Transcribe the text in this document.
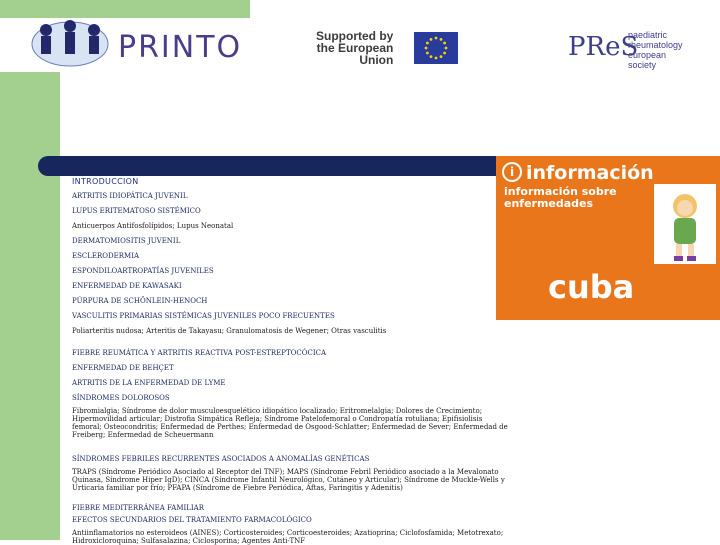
PRINTO	Supported by
the European
Union	PReS
paediatric
rheumatology
european
society
i información
información sobre enfermedades
cuba
INTRODUCCION
ARTRITIS IDIOPÁTICA JUVENIL
LUPUS ERITEMATOSO SISTÉMICO
Anticuerpos Antifosfolípidos; Lupus Neonatal
DERMATOMIOSITIS JUVENIL
ESCLERODERMIA
ESPONDILOARTROPATÍAS JUVENILES
ENFERMEDAD DE KAWASAKI
PÚRPURA DE SCHÖNLEIN-HENOCH
VASCULITIS PRIMARIAS SISTÉMICAS JUVENILES POCO FRECUENTES
Poliarteritis nudosa; Arteritis de Takayasu; Granulomatosis de Wegener; Otras vasculitis
FIEBRE REUMÁTICA Y ARTRITIS REACTIVA POST-ESTREPTOCÓCICA
ENFERMEDAD DE BEHÇET
ARTRITIS DE LA ENFERMEDAD DE LYME
SÍNDROMES DOLOROSOS
Fibromialgia; Síndrome de dolor musculoesquelético idiopático localizado; Eritromelalgia; Dolores de Crecimiento; Hipermovilidad articular; Distrofia Simpática Refleja; Síndrome Patelofemoral o Condropatía rotuliana; Epifisiolisis femoral; Osteocondritis; Enfermedad de Perthes; Enfermedad de Osgood-Schlatter; Enfermedad de Sever; Enfermedad de Freiberg; Enfermedad de Scheuermann
SÍNDROMES FEBRILES RECURRENTES ASOCIADOS A ANOMALÍAS GENÉTICAS
TRAPS (Síndrome Periódico Asociado al Receptor del TNF); MAPS (Síndrome Febril Periódico asociado a la Mevalonato Quinasa, Síndrome Hiper IgD); CINCA (Síndrome Infantil Neurológico, Cutáneo y Articular); Síndrome de Muckle-Wells y Urticaria familiar por frío; PFAPA (Síndrome de Fiebre Periódica, Aftas, Faringitis y Adenitis)
FIEBRE MEDITERRÁNEA FAMILIAR
EFECTOS SECUNDARIOS DEL TRATAMIENTO FARMACOLÓGICO
Antiinflamatorios no esteroideos (AINES); Corticosteroides; Corticoesteroides; Azatioprina; Ciclofosfamida; Metotrexato; Hidroxicloroquina; Sulfasalazina; Ciclosporina; Agentes Anti-TNF
